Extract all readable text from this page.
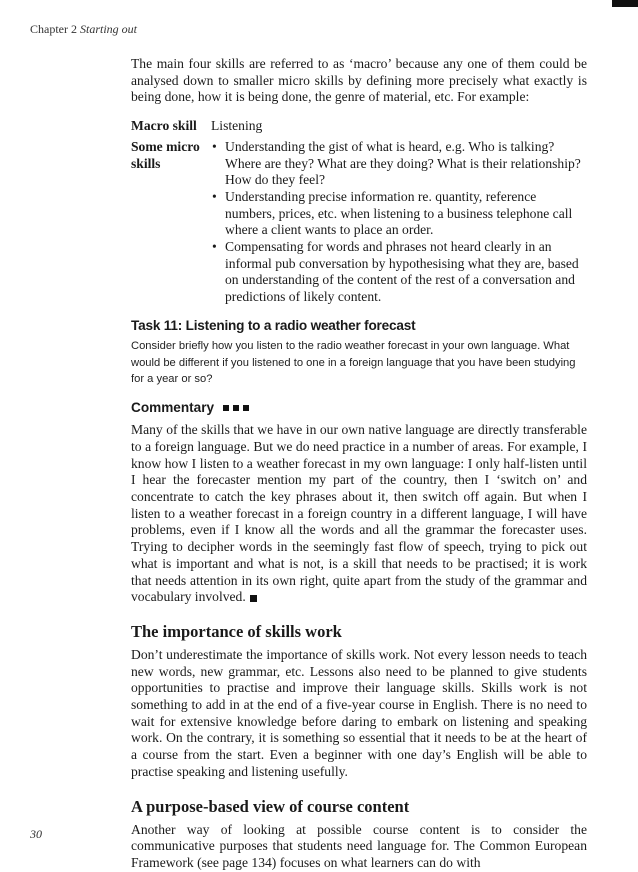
Chapter 2 Starting out

The main four skills are referred to as ‘macro’ because any one of them could be analysed down to smaller micro skills by defining more precisely what exactly is being done, how it is being done, the genre of material, etc. For example:

Macro skill	Listening
Some micro skills
• Understanding the gist of what is heard, e.g. Who is talking? Where are they? What are they doing? What is their relationship? How do they feel?
• Understanding precise information re. quantity, reference numbers, prices, etc. when listening to a business telephone call where a client wants to place an order.
• Compensating for words and phrases not heard clearly in an informal pub conversation by hypothesising what they are, based on understanding of the content of the rest of a conversation and predictions of likely content.
Task 11: Listening to a radio weather forecast

Consider briefly how you listen to the radio weather forecast in your own language. What would be different if you listened to one in a foreign language that you have been studying for a year or so?

Commentary

Many of the skills that we have in our own native language are directly transferable to a foreign language. But we do need practice in a number of areas. For example, I know how I listen to a weather forecast in my own language: I only half-listen until I hear the forecaster mention my part of the country, then I ‘switch on’ and concentrate to catch the key phrases about it, then switch off again. But when I listen to a weather forecast in a foreign country in a different language, I will have problems, even if I know all the words and all the grammar the forecaster uses. Trying to decipher words in the seemingly fast flow of speech, trying to pick out what is important and what is not, is a skill that needs to be practised; it is work that needs attention in its own right, quite apart from the study of the grammar and vocabulary involved.

The importance of skills work

Don’t underestimate the importance of skills work. Not every lesson needs to teach new words, new grammar, etc. Lessons also need to be planned to give students opportunities to practise and improve their language skills. Skills work is not something to add in at the end of a five-year course in English. There is no need to wait for extensive knowledge before daring to embark on listening and speaking work. On the contrary, it is something so essential that it needs to be at the heart of a course from the start. Even a beginner with one day’s English will be able to practise speaking and listening usefully.

A purpose-based view of course content

Another way of looking at possible course content is to consider the communicative purposes that students need language for. The Common European Framework (see page 134) focuses on what learners can do with

30
